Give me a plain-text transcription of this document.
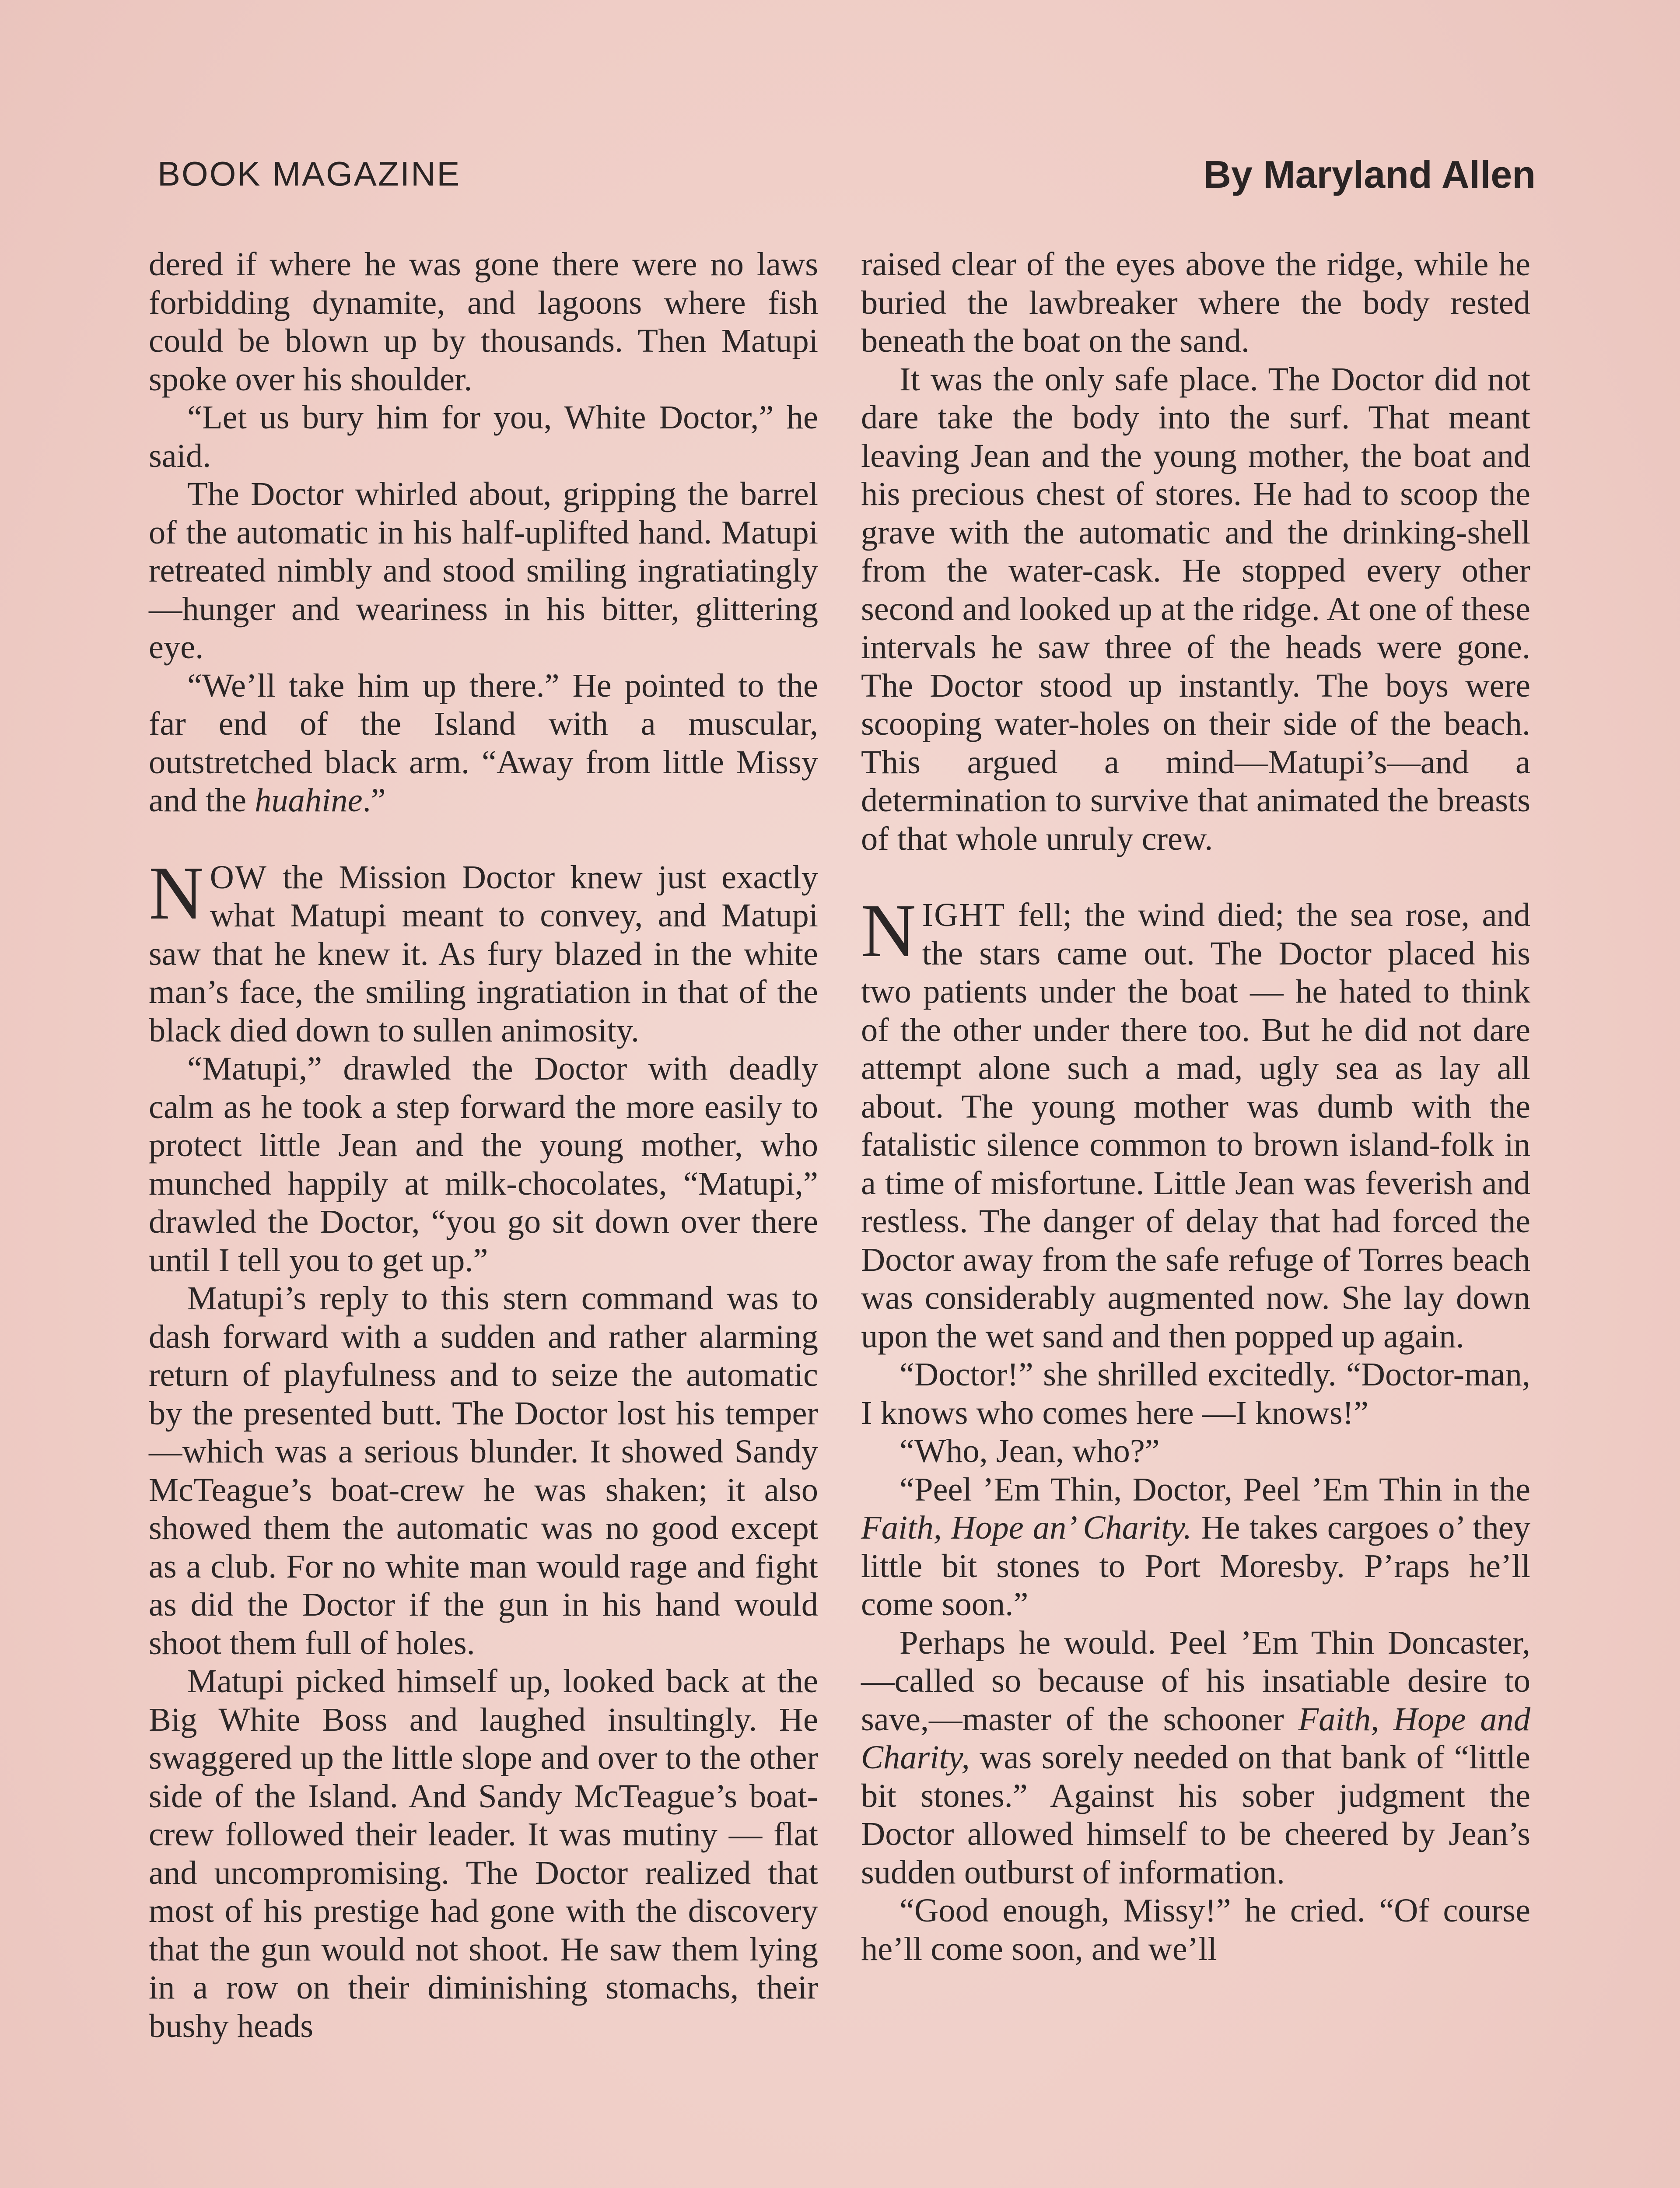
BOOK MAGAZINE	By Maryland Allen

dered if where he was gone there were no laws forbidding dynamite, and lagoons where fish could be blown up by thousands. Then Matupi spoke over his shoulder.

“Let us bury him for you, White Doctor,” he said.

The Doctor whirled about, gripping the barrel of the automatic in his half-uplifted hand. Matupi retreated nimbly and stood smiling ingratiatingly—hunger and weariness in his bitter, glittering eye.

“We’ll take him up there.” He pointed to the far end of the Island with a muscular, outstretched black arm. “Away from little Missy and the huahine.”

NOW the Mission Doctor knew just exactly what Matupi meant to convey, and Matupi saw that he knew it. As fury blazed in the white man’s face, the smiling ingratiation in that of the black died down to sullen animosity.

“Matupi,” drawled the Doctor with deadly calm as he took a step forward the more easily to protect little Jean and the young mother, who munched happily at milk-chocolates, “Matupi,” drawled the Doctor, “you go sit down over there until I tell you to get up.”

Matupi’s reply to this stern command was to dash forward with a sudden and rather alarming return of playfulness and to seize the automatic by the presented butt. The Doctor lost his temper—which was a serious blunder. It showed Sandy McTeague’s boat-crew he was shaken; it also showed them the automatic was no good except as a club. For no white man would rage and fight as did the Doctor if the gun in his hand would shoot them full of holes.

Matupi picked himself up, looked back at the Big White Boss and laughed insultingly. He swaggered up the little slope and over to the other side of the Island. And Sandy McTeague’s boat-crew followed their leader. It was mutiny — flat and uncompromising. The Doctor realized that most of his prestige had gone with the discovery that the gun would not shoot. He saw them lying in a row on their diminishing stomachs, their bushy heads

raised clear of the eyes above the ridge, while he buried the lawbreaker where the body rested beneath the boat on the sand.

It was the only safe place. The Doctor did not dare take the body into the surf. That meant leaving Jean and the young mother, the boat and his precious chest of stores. He had to scoop the grave with the automatic and the drinking-shell from the water-cask. He stopped every other second and looked up at the ridge. At one of these intervals he saw three of the heads were gone. The Doctor stood up instantly. The boys were scooping water-holes on their side of the beach. This argued a mind—Matupi’s—and a determination to survive that animated the breasts of that whole unruly crew.

NIGHT fell; the wind died; the sea rose, and the stars came out. The Doctor placed his two patients under the boat — he hated to think of the other under there too. But he did not dare attempt alone such a mad, ugly sea as lay all about. The young mother was dumb with the fatalistic silence common to brown island-folk in a time of misfortune. Little Jean was feverish and restless. The danger of delay that had forced the Doctor away from the safe refuge of Torres beach was considerably augmented now. She lay down upon the wet sand and then popped up again.

“Doctor!” she shrilled excitedly. “Doctor-man, I knows who comes here —I knows!”

“Who, Jean, who?”

“Peel ’Em Thin, Doctor, Peel ’Em Thin in the Faith, Hope an’ Charity. He takes cargoes o’ they little bit stones to Port Moresby. P’raps he’ll come soon.”

Perhaps he would. Peel ’Em Thin Doncaster,—called so because of his insatiable desire to save,—master of the schooner Faith, Hope and Charity, was sorely needed on that bank of “little bit stones.” Against his sober judgment the Doctor allowed himself to be cheered by Jean’s sudden outburst of information.

“Good enough, Missy!” he cried. “Of course he’ll come soon, and we’ll
